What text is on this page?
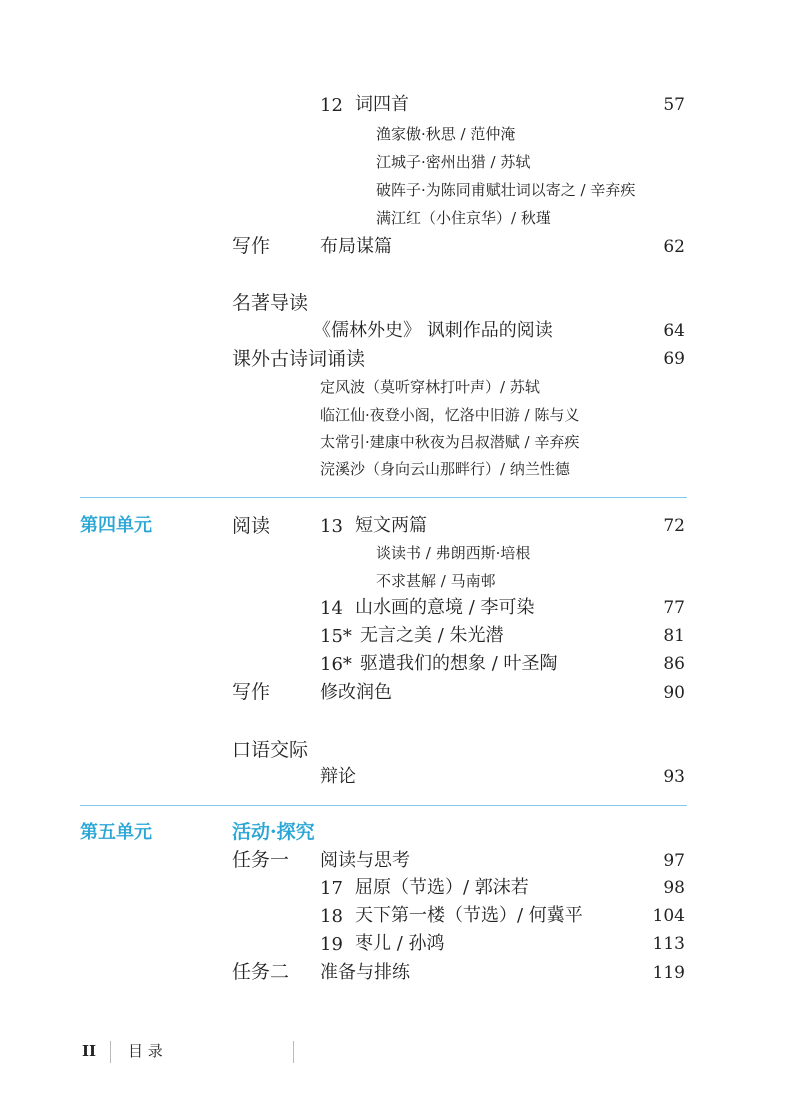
12 词四首	57
渔家傲·秋思 / 范仲淹
江城子·密州出猎 / 苏轼
破阵子·为陈同甫赋壮词以寄之 / 辛弃疾
满江红（小住京华）/ 秋瑾
写作	布局谋篇	62
名著导读
《儒林外史》 讽刺作品的阅读	64
课外古诗词诵读	69
定风波（莫听穿林打叶声）/ 苏轼
临江仙·夜登小阁，忆洛中旧游 / 陈与义
太常引·建康中秋夜为吕叔潜赋 / 辛弃疾
浣溪沙（身向云山那畔行）/ 纳兰性德
第四单元	阅读	13 短文两篇	72
谈读书 / 弗朗西斯·培根
不求甚解 / 马南邨
14 山水画的意境 / 李可染	77
15* 无言之美 / 朱光潜	81
16* 驱遣我们的想象 / 叶圣陶	86
写作	修改润色	90
口语交际
辩论	93
第五单元	活动·探究
任务一 阅读与思考	97
17 屈原（节选）/ 郭沫若	98
18 天下第一楼（节选）/ 何冀平	104
19 枣儿 / 孙鸿	113
任务二 准备与排练	119
II 目 录
